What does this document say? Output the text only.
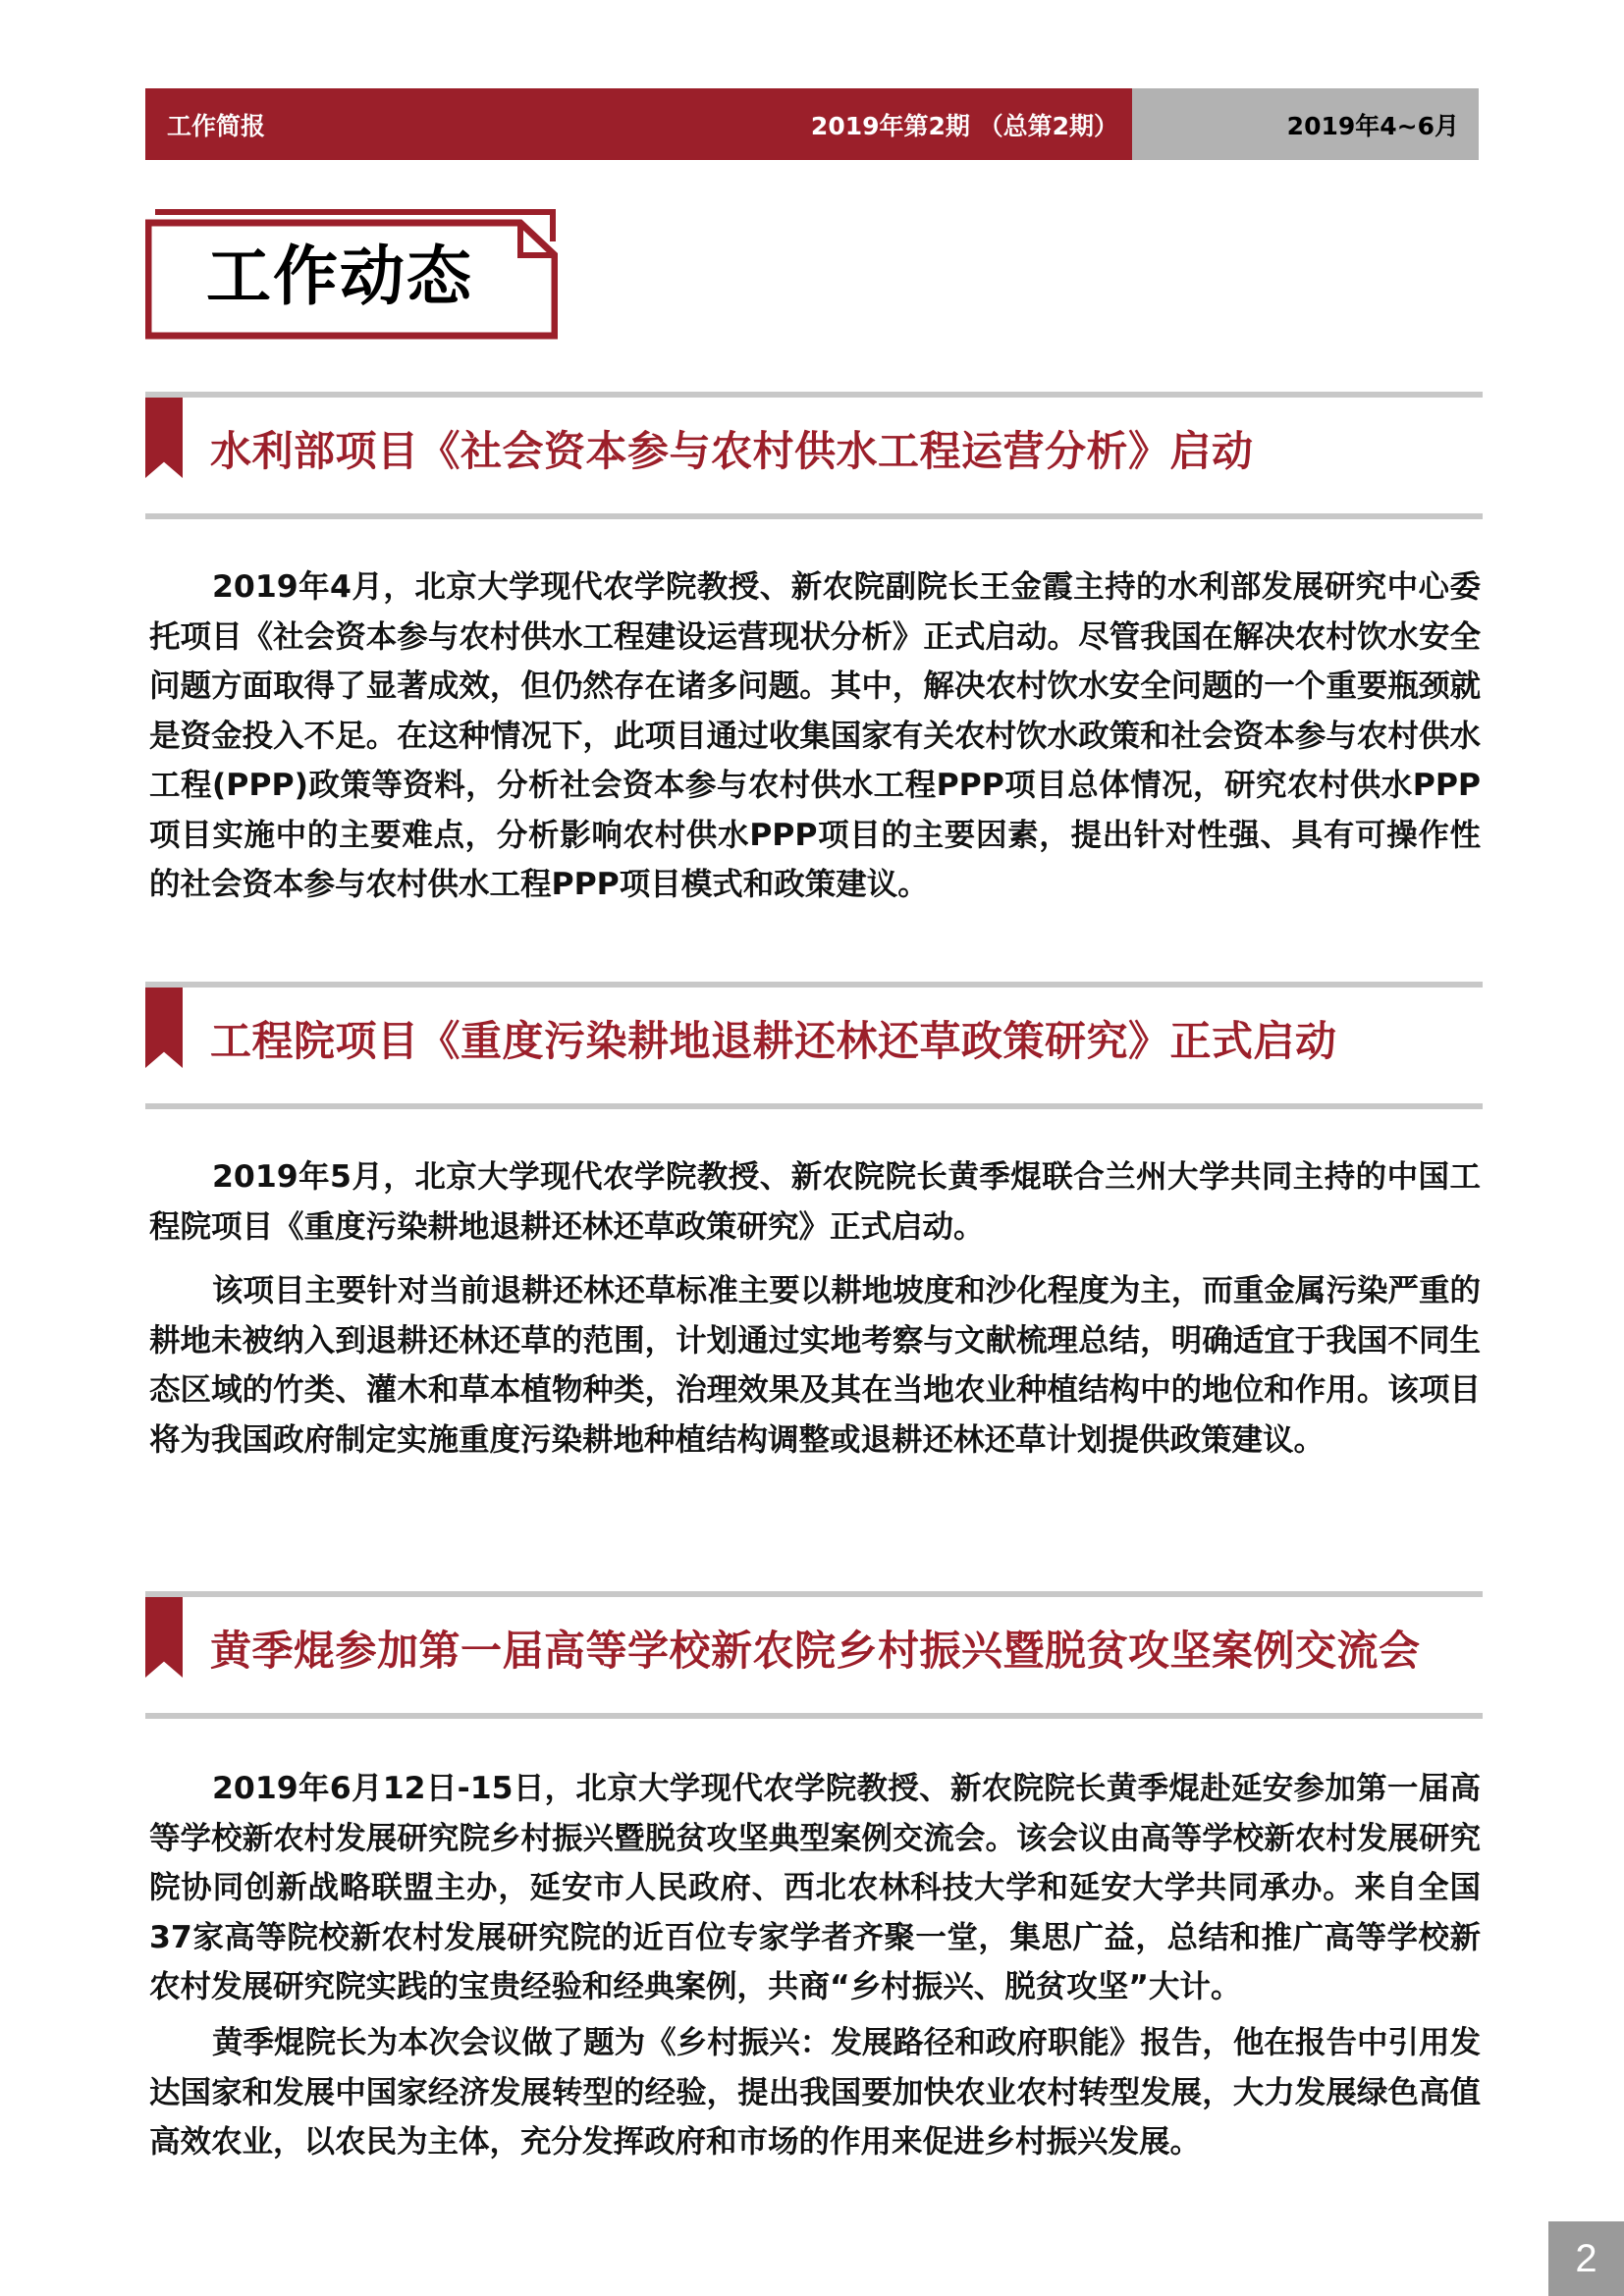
工作简报	2019年第2期 （总第2期）	2019年4~6月
工作动态
水利部项目《社会资本参与农村供水工程运营分析》启动

2019年4月，北京大学现代农学院教授、新农院副院长王金霞主持的水利部发展研究中心委托项目《社会资本参与农村供水工程建设运营现状分析》正式启动。尽管我国在解决农村饮水安全问题方面取得了显著成效，但仍然存在诸多问题。其中，解决农村饮水安全问题的一个重要瓶颈就是资金投入不足。在这种情况下，此项目通过收集国家有关农村饮水政策和社会资本参与农村供水工程(PPP)政策等资料，分析社会资本参与农村供水工程PPP项目总体情况，研究农村供水PPP项目实施中的主要难点，分析影响农村供水PPP项目的主要因素，提出针对性强、具有可操作性的社会资本参与农村供水工程PPP项目模式和政策建议。

工程院项目《重度污染耕地退耕还林还草政策研究》正式启动

2019年5月，北京大学现代农学院教授、新农院院长黄季焜联合兰州大学共同主持的中国工程院项目《重度污染耕地退耕还林还草政策研究》正式启动。

该项目主要针对当前退耕还林还草标准主要以耕地坡度和沙化程度为主，而重金属污染严重的耕地未被纳入到退耕还林还草的范围，计划通过实地考察与文献梳理总结，明确适宜于我国不同生态区域的竹类、灌木和草本植物种类，治理效果及其在当地农业种植结构中的地位和作用。该项目将为我国政府制定实施重度污染耕地种植结构调整或退耕还林还草计划提供政策建议。

黄季焜参加第一届高等学校新农院乡村振兴暨脱贫攻坚案例交流会

2019年6月12日-15日，北京大学现代农学院教授、新农院院长黄季焜赴延安参加第一届高等学校新农村发展研究院乡村振兴暨脱贫攻坚典型案例交流会。该会议由高等学校新农村发展研究院协同创新战略联盟主办，延安市人民政府、西北农林科技大学和延安大学共同承办。来自全国37家高等院校新农村发展研究院的近百位专家学者齐聚一堂，集思广益，总结和推广高等学校新农村发展研究院实践的宝贵经验和经典案例，共商“乡村振兴、脱贫攻坚”大计。

黄季焜院长为本次会议做了题为《乡村振兴：发展路径和政府职能》报告，他在报告中引用发达国家和发展中国家经济发展转型的经验，提出我国要加快农业农村转型发展，大力发展绿色高值高效农业，以农民为主体，充分发挥政府和市场的作用来促进乡村振兴发展。

2
